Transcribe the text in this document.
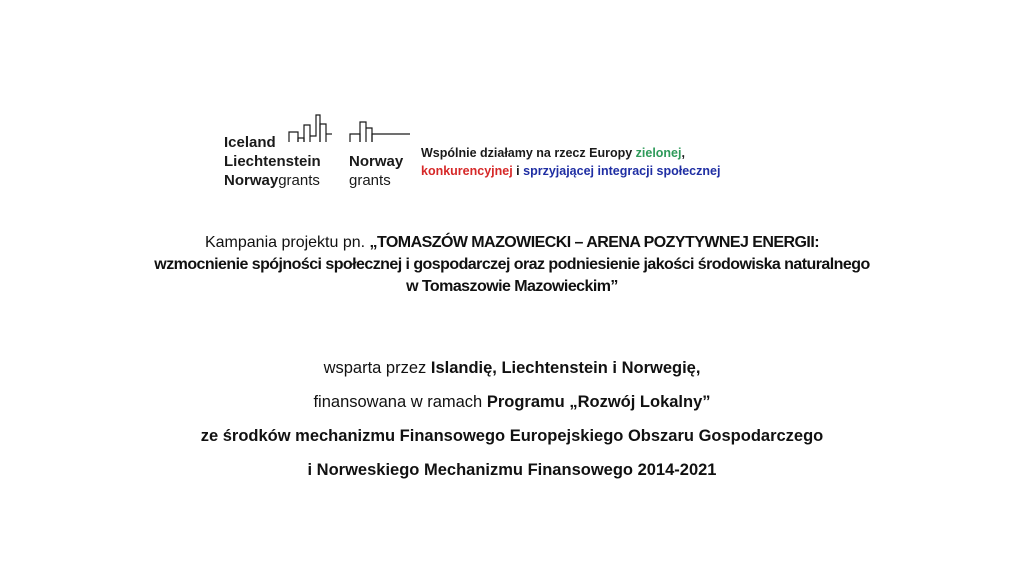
Iceland
Liechtenstein
Norwaygrants
Norway
grants
Wspólnie działamy na rzecz Europy zielonej,
konkurencyjnej i sprzyjającej integracji społecznej
Kampania projektu pn. „TOMASZÓW MAZOWIECKI – ARENA POZYTYWNEJ ENERGII:
wzmocnienie spójności społecznej i gospodarczej oraz podniesienie jakości środowiska naturalnego
w Tomaszowie Mazowieckim”
wsparta przez Islandię, Liechtenstein i Norwegię,
finansowana w ramach Programu „Rozwój Lokalny”
ze środków mechanizmu Finansowego Europejskiego Obszaru Gospodarczego
i Norweskiego Mechanizmu Finansowego 2014-2021
